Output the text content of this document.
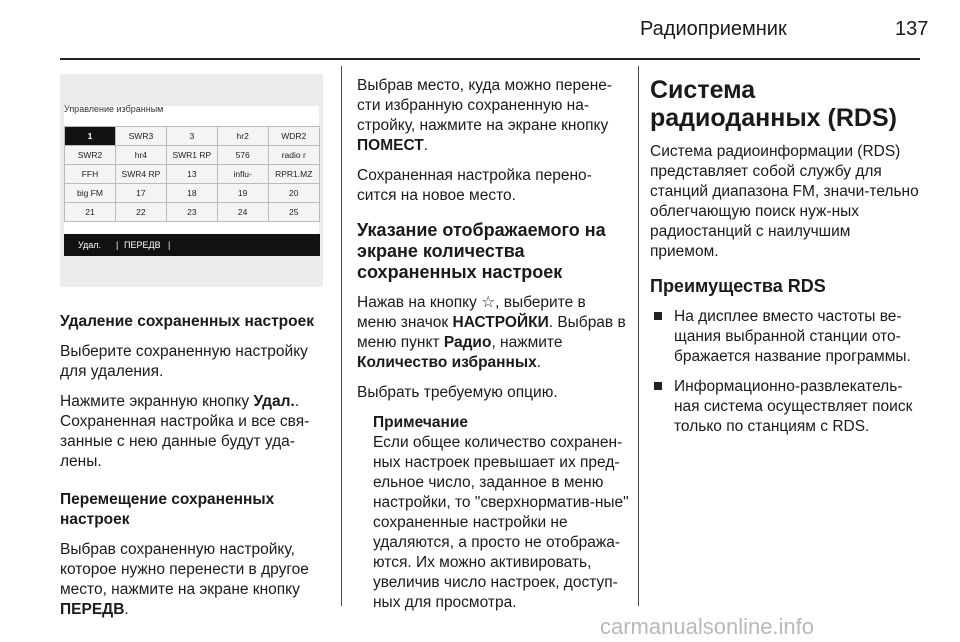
Радиоприемник	137
Управление избранным
1	SWR3	3	hr2	WDR2
SWR2	hr4	SWR1 RP	576	radio r
FFH	SWR4 RP	13	influ-	RPR1.MZ
big FM	17	18	19	20
21	22	23	24	25
Удал. | ПЕРЕДВ |

Удаление сохраненных настроек

Выберите сохраненную настройку для удаления.

Нажмите экранную кнопку Удал.. Сохраненная настройка и все свя-занные с нею данные будут уда-лены.

Перемещение сохраненных настроек

Выбрав сохраненную настройку, которое нужно перенести в другое место, нажмите на экране кнопку ПЕРЕДВ.

Выбрав место, куда можно перене-сти избранную сохраненную на-стройку, нажмите на экране кнопку ПОМЕСТ.

Сохраненная настройка перено-сится на новое место.

Указание отображаемого на экране количества сохраненных настроек

Нажав на кнопку ☆, выберите в меню значок НАСТРОЙКИ. Выбрав в меню пункт Радио, нажмите Количество избранных.

Выбрать требуемую опцию.

Примечание

Если общее количество сохранен-ных настроек превышает их пред-ельное число, заданное в меню настройки, то "сверхнорматив-ные" сохраненные настройки не удаляются, а просто не отобража-ются. Их можно активировать, увеличив число настроек, доступ-ных для просмотра.

Система радиоданных (RDS)

Система радиоинформации (RDS) представляет собой службу для станций диапазона FM, значи-тельно облегчающую поиск нуж-ных радиостанций с наилучшим приемом.

Преимущества RDS

На дисплее вместо частоты ве-щания выбранной станции ото-бражается название программы.
Информационно-развлекатель-ная система осуществляет поиск только по станциям с RDS.
carmanualsonline.info
